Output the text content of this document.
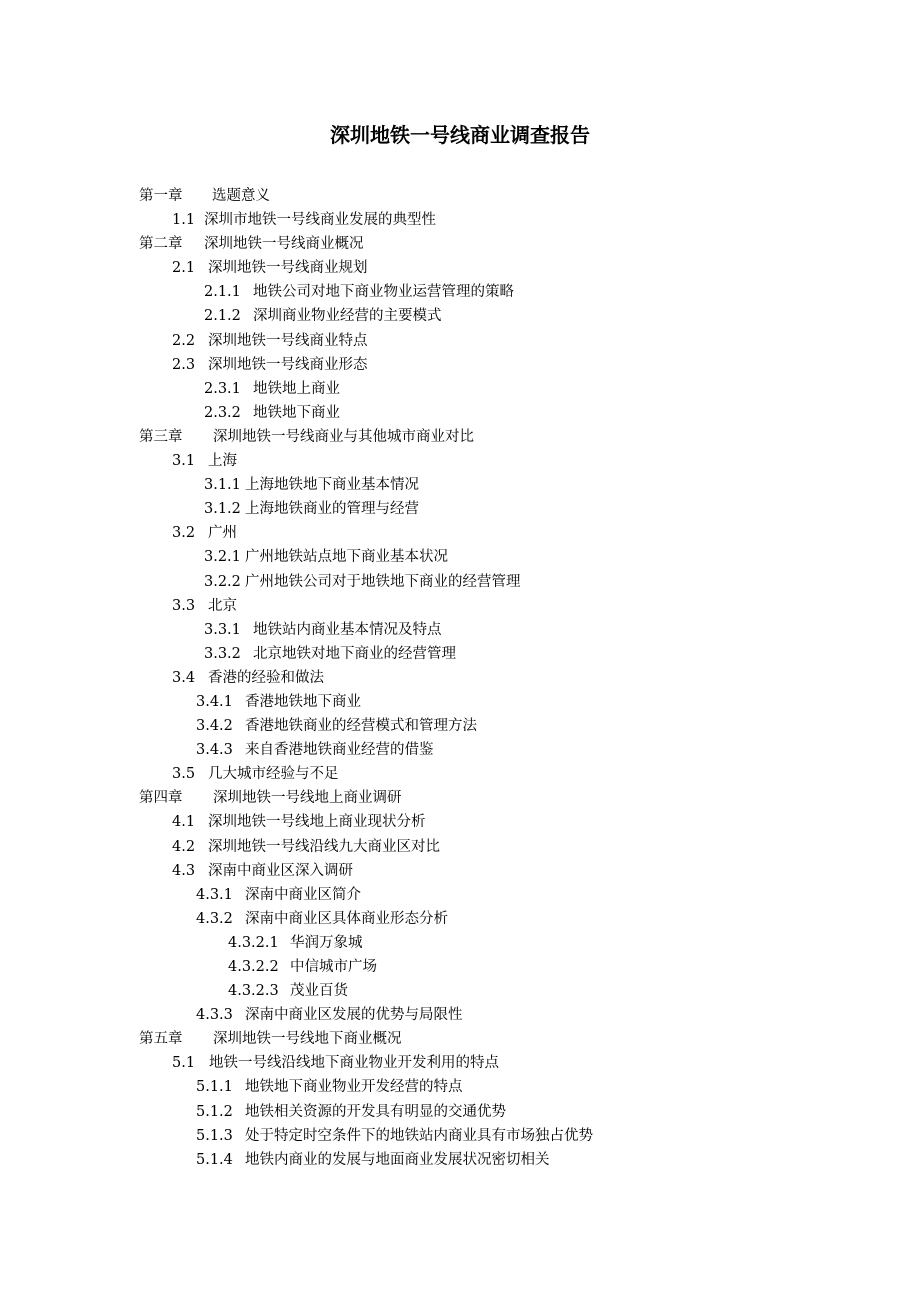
深圳地铁一号线商业调查报告
第一章 选题意义
1.1 深圳市地铁一号线商业发展的典型性
第二章 深圳地铁一号线商业概况
2.1 深圳地铁一号线商业规划
2.1.1 地铁公司对地下商业物业运营管理的策略
2.1.2 深圳商业物业经营的主要模式
2.2 深圳地铁一号线商业特点
2.3 深圳地铁一号线商业形态
2.3.1 地铁地上商业
2.3.2 地铁地下商业
第三章 深圳地铁一号线商业与其他城市商业对比
3.1 上海
3.1.1 上海地铁地下商业基本情况
3.1.2 上海地铁商业的管理与经营
3.2 广州
3.2.1 广州地铁站点地下商业基本状况
3.2.2 广州地铁公司对于地铁地下商业的经营管理
3.3 北京
3.3.1 地铁站内商业基本情况及特点
3.3.2 北京地铁对地下商业的经营管理
3.4 香港的经验和做法
3.4.1 香港地铁地下商业
3.4.2 香港地铁商业的经营模式和管理方法
3.4.3 来自香港地铁商业经营的借鉴
3.5 几大城市经验与不足
第四章 深圳地铁一号线地上商业调研
4.1 深圳地铁一号线地上商业现状分析
4.2 深圳地铁一号线沿线九大商业区对比
4.3 深南中商业区深入调研
4.3.1 深南中商业区简介
4.3.2 深南中商业区具体商业形态分析
4.3.2.1 华润万象城
4.3.2.2 中信城市广场
4.3.2.3 茂业百货
4.3.3 深南中商业区发展的优势与局限性
第五章 深圳地铁一号线地下商业概况
5.1 地铁一号线沿线地下商业物业开发利用的特点
5.1.1 地铁地下商业物业开发经营的特点
5.1.2 地铁相关资源的开发具有明显的交通优势
5.1.3 处于特定时空条件下的地铁站内商业具有市场独占优势
5.1.4 地铁内商业的发展与地面商业发展状况密切相关
